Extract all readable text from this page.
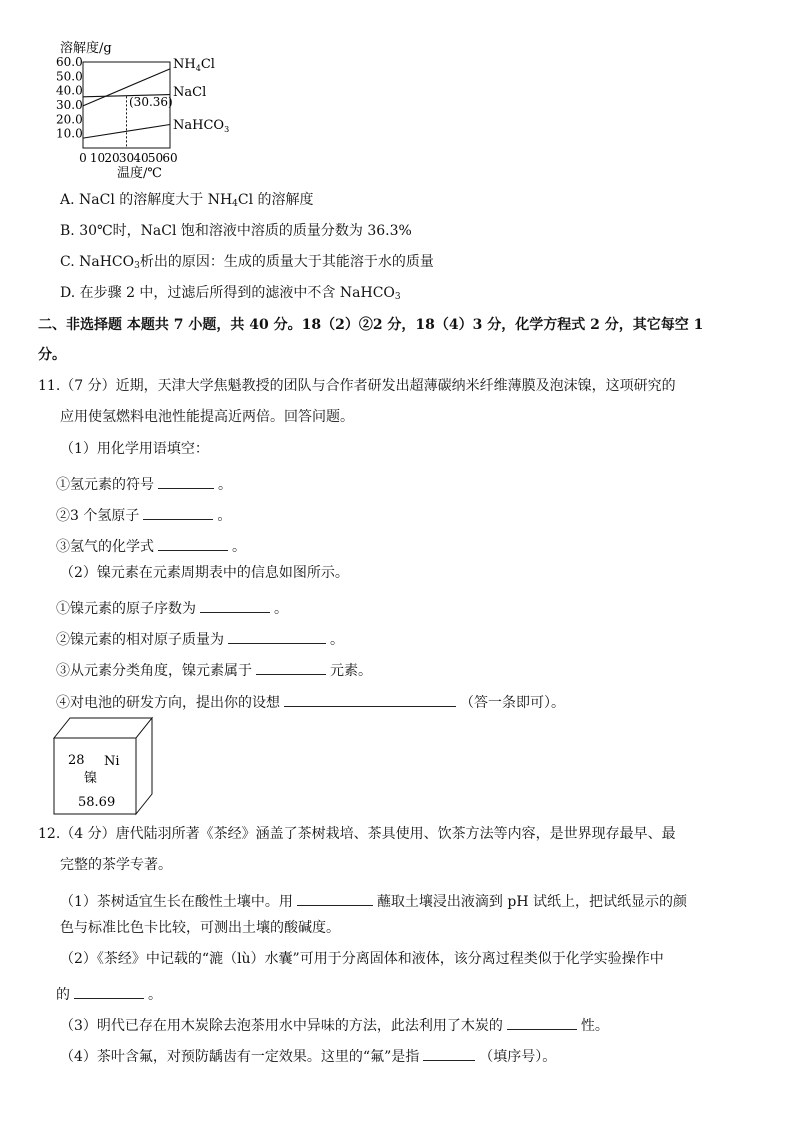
溶解度/g
60.0
50.0
40.0
30.0
20.0
10.0
0 10 20 30 40 50 60
$NH_4Cl$
NaCl
NaHCO$_3$
(30.36)
温度/℃
A. NaCl 的溶解度大于 $NH_4Cl$ 的溶解度
B. 30℃时，NaCl 饱和溶液中溶质的质量分数为 36.3%
C. NaHCO$_3$析出的原因：生成的质量大于其能溶于水的质量
D. 在步骤 2 中，过滤后所得到的滤液中不含 NaHCO$_3$
二、非选择题 本题共 7 小题，共 40 分。18（2）②2 分，18（4）3 分，化学方程式 2 分，其它每空 1
分。
11.（7 分）近期，天津大学焦魁教授的团队与合作者研发出超薄碳纳米纤维薄膜及泡沫镍，这项研究的
应用使氢燃料电池性能提高近两倍。回答问题。
（1）用化学用语填空：
①氢元素的符号	。
②3 个氢原子	。
③氢气的化学式	。
（2）镍元素在元素周期表中的信息如图所示。
①镍元素的原子序数为	。
②镍元素的相对原子质量为	。
③从元素分类角度，镍元素属于	元素。
④对电池的研发方向，提出你的设想	（答一条即可）。
28 Ni
镍
58.69
12.（4 分）唐代陆羽所著《茶经》涵盖了茶树栽培、茶具使用、饮茶方法等内容，是世界现存最早、最
完整的茶学专著。
（1）茶树适宜生长在酸性土壤中。用	蘸取土壤浸出液滴到 pH 试纸上，把试纸显示的颜
色与标准比色卡比较，可测出土壤的酸碱度。
（2）《茶经》中记载的“漉（lù）水囊”可用于分离固体和液体，该分离过程类似于化学实验操作中
的	。
（3）明代已存在用木炭除去泡茶用水中异味的方法，此法利用了木炭的	性。
（4）茶叶含氟，对预防龋齿有一定效果。这里的“氟”是指	（填序号）。
